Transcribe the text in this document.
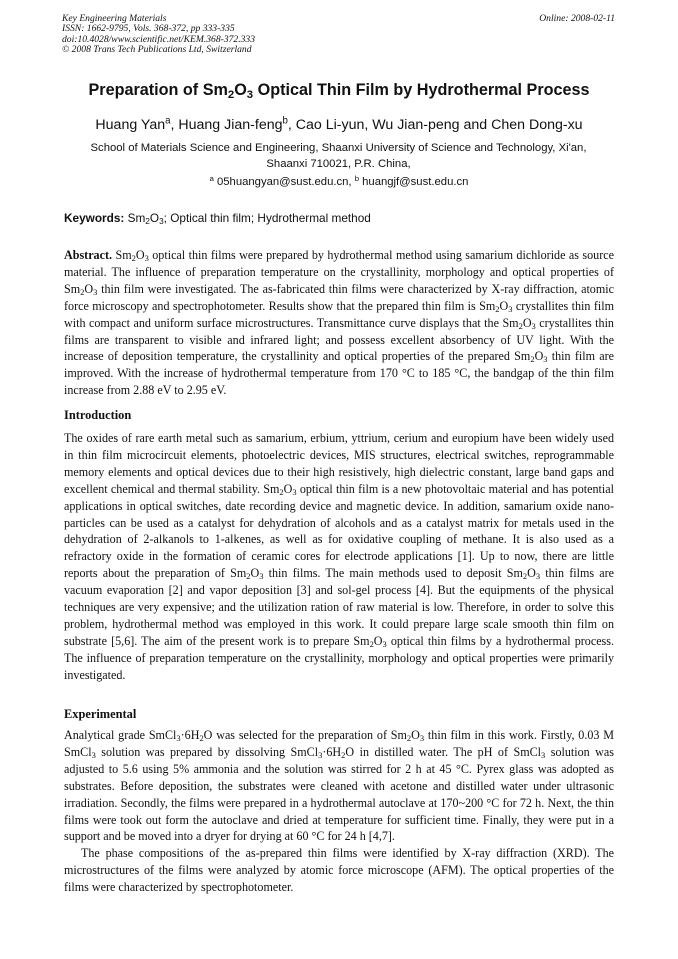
Key Engineering Materials
ISSN: 1662-9795, Vols. 368-372, pp 333-335
doi:10.4028/www.scientific.net/KEM.368-372.333
© 2008 Trans Tech Publications Ltd, Switzerland
Online: 2008-02-11
Preparation of $Sm_2O_3$ Optical Thin Film by Hydrothermal Process
Huang Yan$^a$, Huang Jian-feng$^b$, Cao Li-yun, Wu Jian-peng and Chen Dong-xu
School of Materials Science and Engineering, Shaanxi University of Science and Technology, Xi'an,
Shaanxi 710021, P.R. China,
$^a$ 05huangyan@sust.edu.cn, $^b$ huangjf@sust.edu.cn
Keywords: $Sm_2O_3$; Optical thin film; Hydrothermal method
Abstract. $Sm_2O_3$ optical thin films were prepared by hydrothermal method using samarium dichloride as source material. The influence of preparation temperature on the crystallinity, morphology and optical properties of $Sm_2O_3$ thin film were investigated. The as-fabricated thin films were characterized by X-ray diffraction, atomic force microscopy and spectrophotometer. Results show that the prepared thin film is $Sm_2O_3$ crystallites thin film with compact and uniform surface microstructures. Transmittance curve displays that the $Sm_2O_3$ crystallites thin films are transparent to visible and infrared light; and possess excellent absorbency of UV light. With the increase of deposition temperature, the crystallinity and optical properties of the prepared $Sm_2O_3$ thin film are improved. With the increase of hydrothermal temperature from 170 °C to 185 °C, the bandgap of the thin film increase from 2.88 eV to 2.95 eV.
Introduction
The oxides of rare earth metal such as samarium, erbium, yttrium, cerium and europium have been widely used in thin film microcircuit elements, photoelectric devices, MIS structures, electrical switches, reprogrammable memory elements and optical devices due to their high resistively, high dielectric constant, large band gaps and excellent chemical and thermal stability. $Sm_2O_3$ optical thin film is a new photovoltaic material and has potential applications in optical switches, date recording device and magnetic device. In addition, samarium oxide nano-particles can be used as a catalyst for dehydration of alcohols and as a catalyst matrix for metals used in the dehydration of 2-alkanols to 1-alkenes, as well as for oxidative coupling of methane. It is also used as a refractory oxide in the formation of ceramic cores for electrode applications [1]. Up to now, there are little reports about the preparation of $Sm_2O_3$ thin films. The main methods used to deposit $Sm_2O_3$ thin films are vacuum evaporation [2] and vapor deposition [3] and sol-gel process [4]. But the equipments of the physical techniques are very expensive; and the utilization ration of raw material is low. Therefore, in order to solve this problem, hydrothermal method was employed in this work. It could prepare large scale smooth thin film on substrate [5,6]. The aim of the present work is to prepare $Sm_2O_3$ optical thin films by a hydrothermal process. The influence of preparation temperature on the crystallinity, morphology and optical properties were primarily investigated.
Experimental

Analytical grade $SmCl_3\cdot 6H_2O$ was selected for the preparation of $Sm_2O_3$ thin film in this work. Firstly, 0.03 M SmCl$_3$ solution was prepared by dissolving $SmCl_3\cdot 6H_2O$ in distilled water. The pH of SmCl$_3$ solution was adjusted to 5.6 using 5% ammonia and the solution was stirred for 2 h at 45 °C. Pyrex glass was adopted as substrates. Before deposition, the substrates were cleaned with acetone and distilled water under ultrasonic irradiation. Secondly, the films were prepared in a hydrothermal autoclave at 170~200 °C for 72 h. Next, the thin films were took out form the autoclave and dried at temperature for sufficient time. Finally, they were put in a support and be moved into a dryer for drying at 60 °C for 24 h [4,7].

The phase compositions of the as-prepared thin films were identified by X-ray diffraction (XRD). The microstructures of the films were analyzed by atomic force microscope (AFM). The optical properties of the films were characterized by spectrophotometer.
